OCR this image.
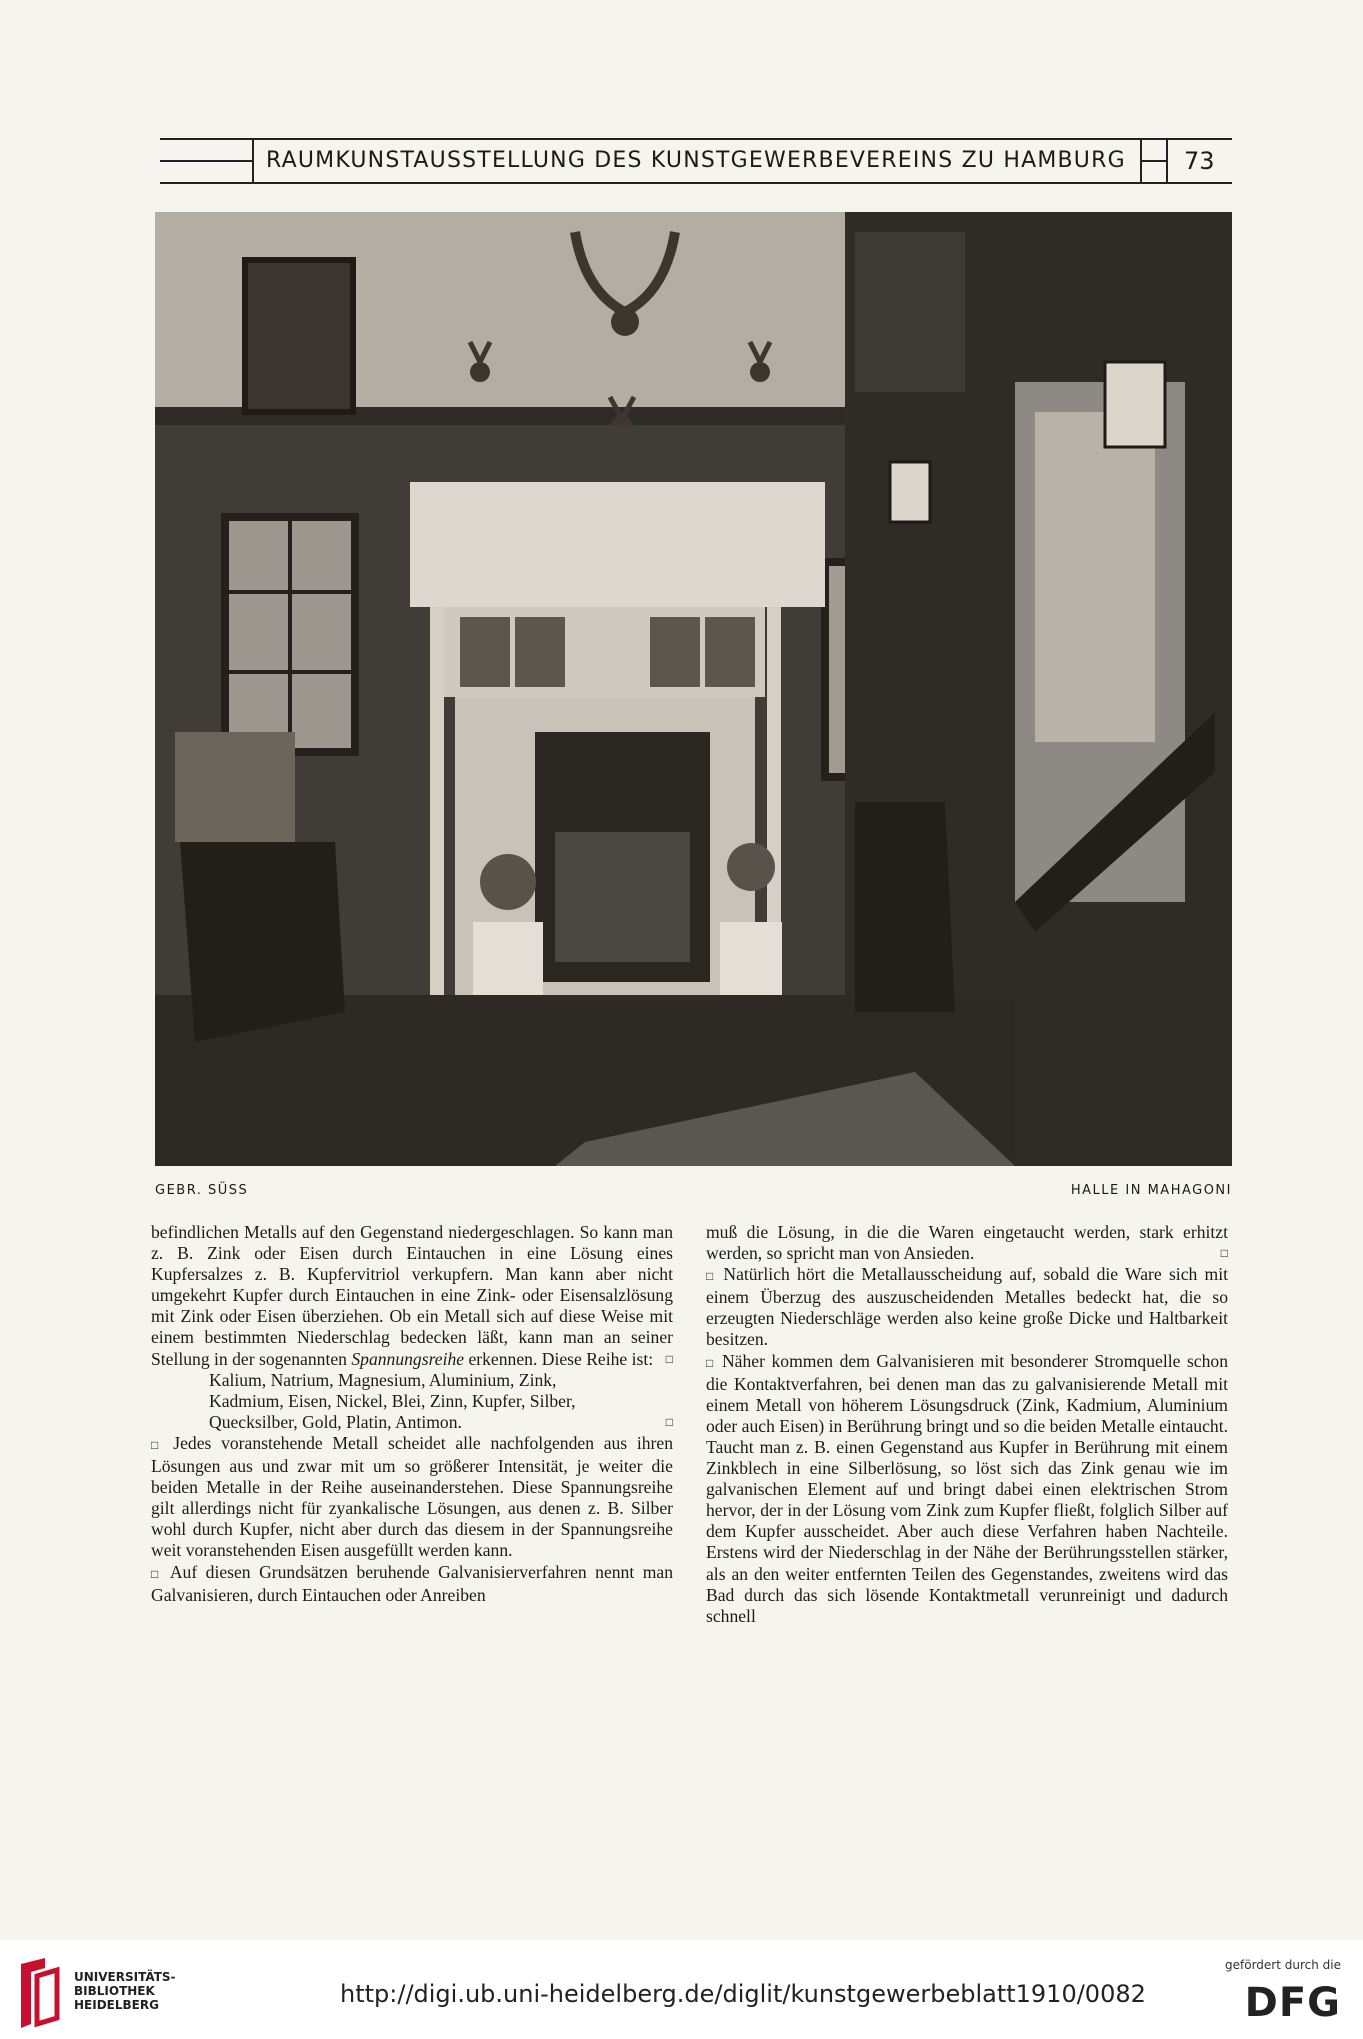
RAUMKUNSTAUSSTELLUNG DES KUNSTGEWERBEVEREINS ZU HAMBURG	73
GEBR. SÜSS	HALLE IN MAHAGONI

befindlichen Metalls auf den Gegenstand niedergeschlagen. So kann man z. B. Zink oder Eisen durch Eintauchen in eine Lösung eines Kupfersalzes z. B. Kupfervitriol verkupfern. Man kann aber nicht umgekehrt Kupfer durch Eintauchen in eine Zink- oder Eisensalzlösung mit Zink oder Eisen überziehen. Ob ein Metall sich auf diese Weise mit einem bestimmten Niederschlag bedecken läßt, kann man an seiner Stellung in der sogenannten Spannungsreihe erkennen. Diese Reihe ist: □

Kalium, Natrium, Magnesium, Aluminium, Zink,
Kadmium, Eisen, Nickel, Blei, Zinn, Kupfer, Silber,
Quecksilber, Gold, Platin, Antimon.	□

□ Jedes voranstehende Metall scheidet alle nachfolgenden aus ihren Lösungen aus und zwar mit um so größerer Intensität, je weiter die beiden Metalle in der Reihe auseinanderstehen. Diese Spannungsreihe gilt allerdings nicht für zyankalische Lösungen, aus denen z. B. Silber wohl durch Kupfer, nicht aber durch das diesem in der Spannungsreihe weit voranstehenden Eisen ausgefüllt werden kann.

□ Auf diesen Grundsätzen beruhende Galvanisierverfahren nennt man Galvanisieren, durch Eintauchen oder Anreiben

muß die Lösung, in die die Waren eingetaucht werden, stark erhitzt werden, so spricht man von Ansieden.	□

□ Natürlich hört die Metallausscheidung auf, sobald die Ware sich mit einem Überzug des auszuscheidenden Metalles bedeckt hat, die so erzeugten Niederschläge werden also keine große Dicke und Haltbarkeit besitzen.

□ Näher kommen dem Galvanisieren mit besonderer Stromquelle schon die Kontaktverfahren, bei denen man das zu galvanisierende Metall mit einem Metall von höherem Lösungsdruck (Zink, Kadmium, Aluminium oder auch Eisen) in Berührung bringt und so die beiden Metalle eintaucht. Taucht man z. B. einen Gegenstand aus Kupfer in Berührung mit einem Zinkblech in eine Silberlösung, so löst sich das Zink genau wie im galvanischen Element auf und bringt dabei einen elektrischen Strom hervor, der in der Lösung vom Zink zum Kupfer fließt, folglich Silber auf dem Kupfer ausscheidet. Aber auch diese Verfahren haben Nachteile. Erstens wird der Niederschlag in der Nähe der Berührungsstellen stärker, als an den weiter entfernten Teilen des Gegenstandes, zweitens wird das Bad durch das sich lösende Kontaktmetall verunreinigt und dadurch schnell

UNIVERSITÄTS-
BIBLIOTHEK
HEIDELBERG	http://digi.ub.uni-heidelberg.de/diglit/kunstgewerbeblatt1910/0082
gefördert durch die
DFG
